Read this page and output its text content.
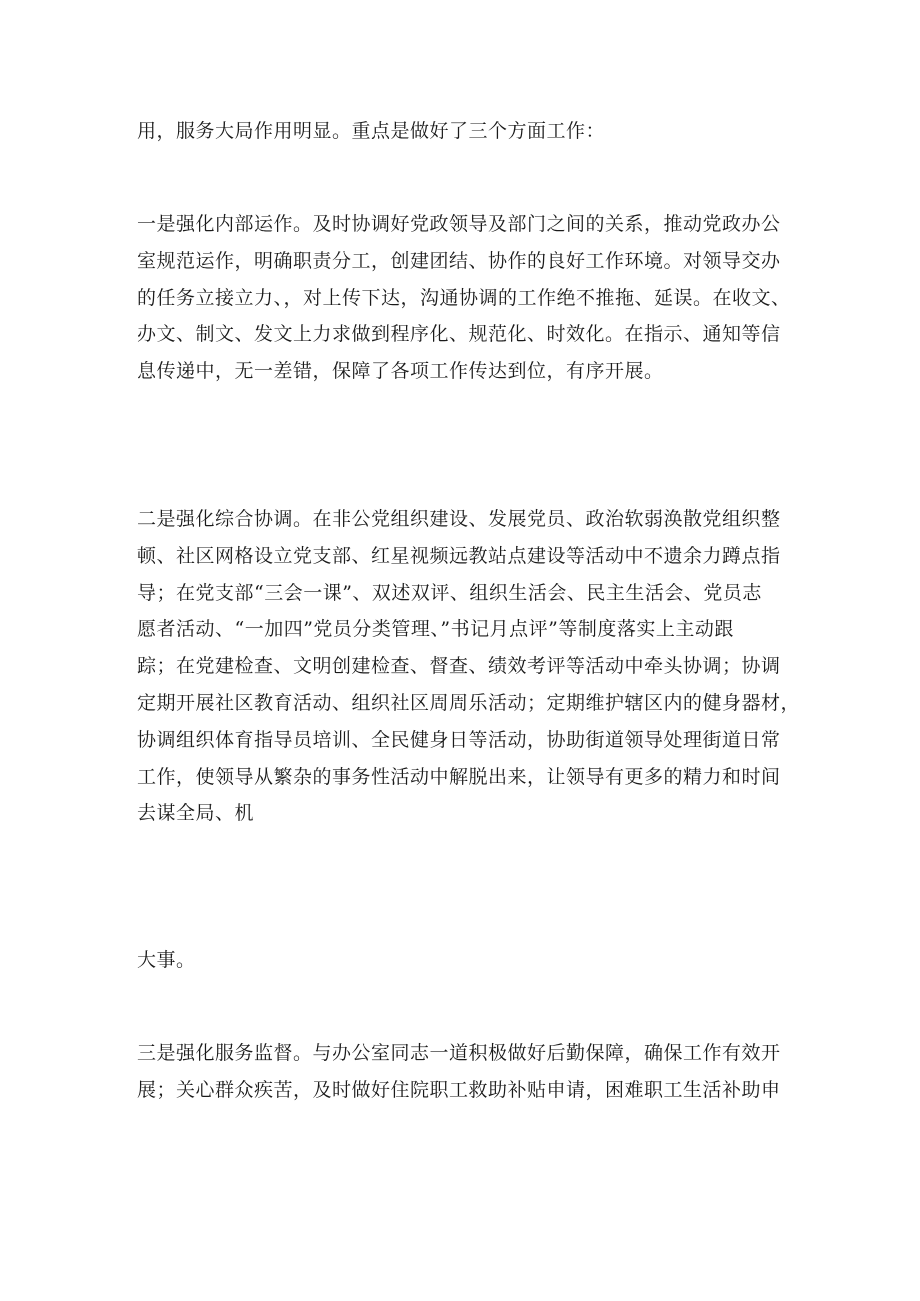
用，服务大局作用明显。重点是做好了三个方面工作：

一是强化内部运作。及时协调好党政领导及部门之间的关系，推动党政办公
室规范运作，明确职责分工，创建团结、协作的良好工作环境。对领导交办
的任务立接立力、，对上传下达，沟通协调的工作绝不推拖、延误。在收文、
办文、制文、发文上力求做到程序化、规范化、时效化。在指示、通知等信
息传递中，无一差错，保障了各项工作传达到位，有序开展。

二是强化综合协调。在非公党组织建设、发展党员、政治软弱涣散党组织整
顿、社区网格设立党支部、红星视频远教站点建设等活动中不遗余力蹲点指
导；在党支部“三会一课”、双述双评、组织生活会、民主生活会、党员志
愿者活动、“一加四”党员分类管理、”书记月点评”等制度落实上主动跟
踪；在党建检查、文明创建检查、督查、绩效考评等活动中牵头协调；协调
定期开展社区教育活动、组织社区周周乐活动；定期维护辖区内的健身器材，
协调组织体育指导员培训、全民健身日等活动，协助街道领导处理街道日常
工作，使领导从繁杂的事务性活动中解脱出来，让领导有更多的精力和时间
去谋全局、机

大事。

三是强化服务监督。与办公室同志一道积极做好后勤保障，确保工作有效开
展；关心群众疾苦，及时做好住院职工救助补贴申请，困难职工生活补助申
